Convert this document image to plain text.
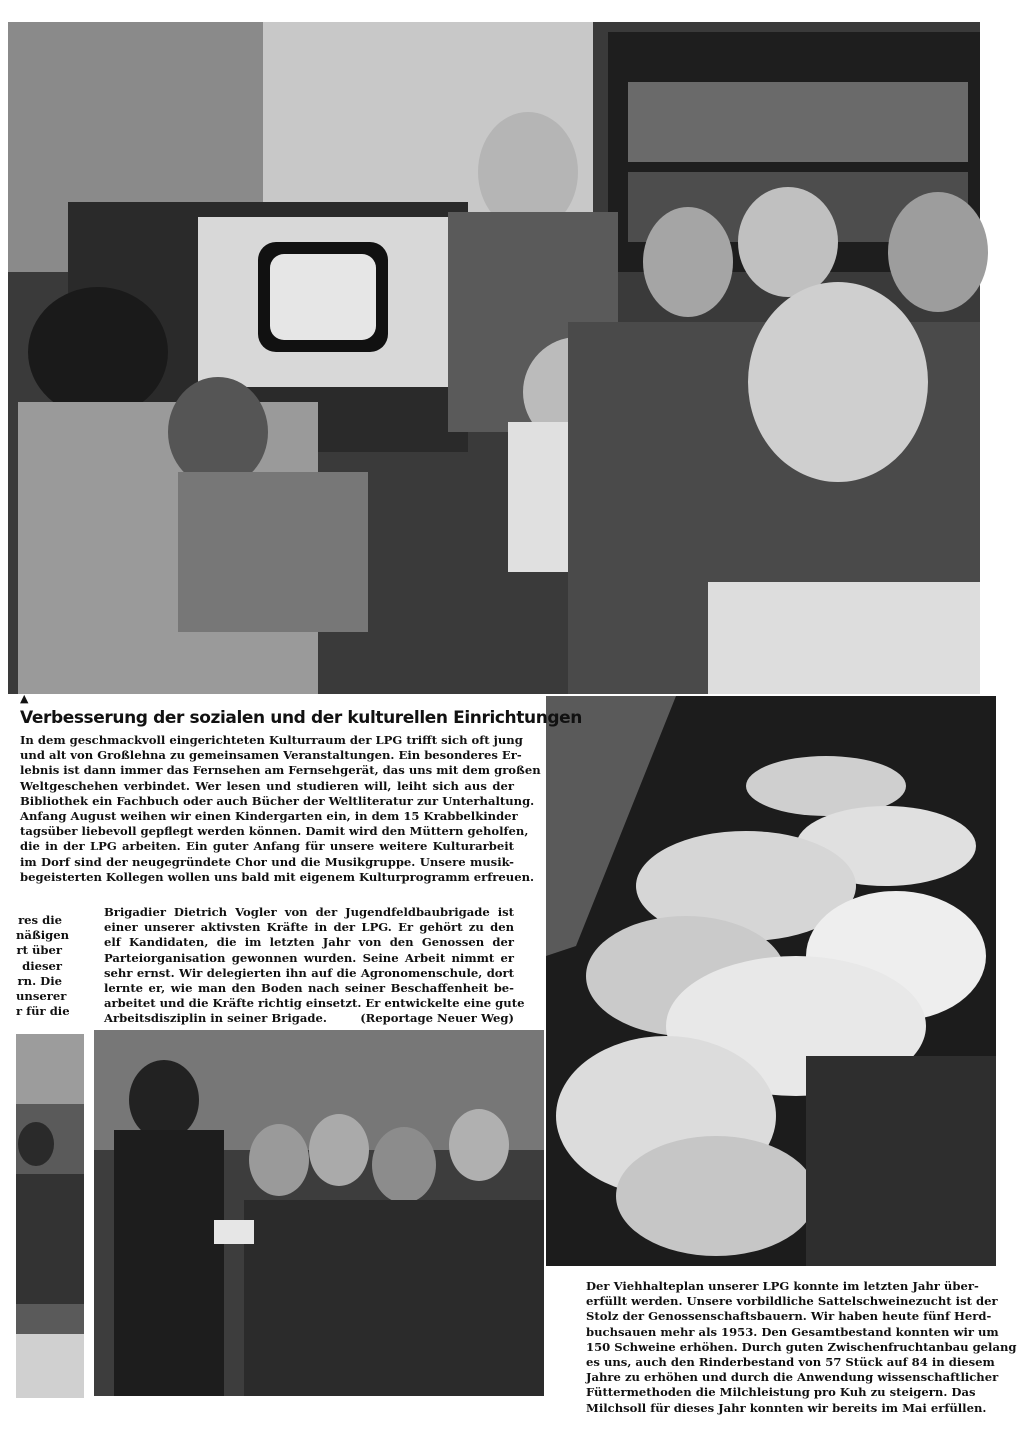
▲
Verbesserung der sozialen und der kulturellen Einrichtungen
In dem geschmackvoll eingerichteten Kulturraum der LPG trifft sich oft jung
und alt von Großlehna zu gemeinsamen Veranstaltungen. Ein besonderes Er-
lebnis ist dann immer das Fernsehen am Fernsehgerät, das uns mit dem großen
Weltgeschehen verbindet. Wer lesen und studieren will, leiht sich aus der
Bibliothek ein Fachbuch oder auch Bücher der Weltliteratur zur Unterhaltung.
Anfang August weihen wir einen Kindergarten ein, in dem 15 Krabbelkinder
tagsüber liebevoll gepflegt werden können. Damit wird den Müttern geholfen,
die in der LPG arbeiten. Ein guter Anfang für unsere weitere Kulturarbeit
im Dorf sind der neugegründete Chor und die Musikgruppe. Unsere musik-
begeisterten Kollegen wollen uns bald mit eigenem Kulturprogramm erfreuen.
res die
näßigen
rt über
dieser
rn. Die
unserer
r für die
Brigadier Dietrich Vogler von der Jugendfeldbaubrigade ist
einer unserer aktivsten Kräfte in der LPG. Er gehört zu den
elf Kandidaten, die im letzten Jahr von den Genossen der
Parteiorganisation gewonnen wurden. Seine Arbeit nimmt er
sehr ernst. Wir delegierten ihn auf die Agronomenschule, dort
lernte er, wie man den Boden nach seiner Beschaffenheit be-
arbeitet und die Kräfte richtig einsetzt. Er entwickelte eine gute
Arbeitsdisziplin in seiner Brigade.	(Reportage Neuer Weg)
Der Viehhalteplan unserer LPG konnte im letzten Jahr über-
erfüllt werden. Unsere vorbildliche Sattelschweinezucht ist der
Stolz der Genossenschaftsbauern. Wir haben heute fünf Herd-
buchsauen mehr als 1953. Den Gesamtbestand konnten wir um
150 Schweine erhöhen. Durch guten Zwischenfruchtanbau gelang
es uns, auch den Rinderbestand von 57 Stück auf 84 in diesem
Jahre zu erhöhen und durch die Anwendung wissenschaftlicher
Füttermethoden die Milchleistung pro Kuh zu steigern. Das
Milchsoll für dieses Jahr konnten wir bereits im Mai erfüllen.
